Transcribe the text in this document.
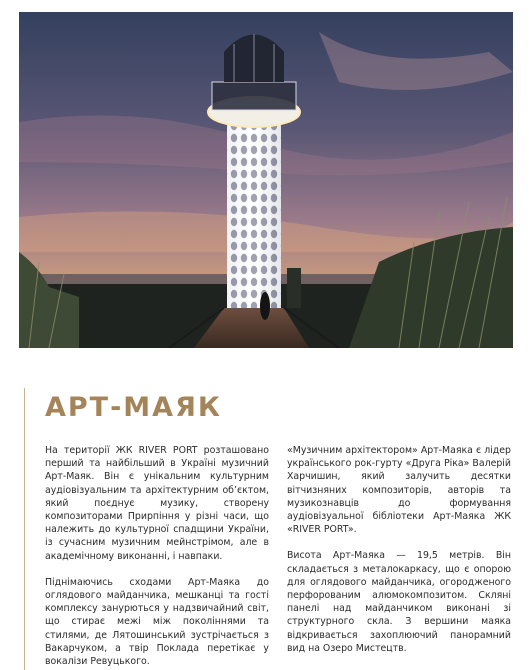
АРТ-МАЯК

На території ЖК RIVER PORT розташовано перший та найбільший в Україні музичний Арт-Маяк. Він є унікальним культурним аудіовізуальним та архітектурним об’єктом, який поєднує музику, створену композиторами Прирпіння у різні часи, що належить до культурної спадщини України, із сучасним музичним мейнстрімом, але в академічному виконанні, і навпаки.

Піднімаючись сходами Арт-Маяка до оглядового майданчика, мешканці та гості комплексу занурються у надзвичайний світ, що стирає межі між поколіннями та стилями, де Лятошинський зустрічається з Вакарчуком, а твір Поклада перетікає у вокалізи Ревуцького.

«Музичним архітектором» Арт-Маяка є лідер українського рок-гурту «Друга Ріка» Валерій Харчишин, який залучить десятки вітчизняних композиторів, авторів та музикознавців до формування аудіовізуальної бібліотеки Арт-Маяка ЖК «RIVER PORT».

Висота Арт-Маяка — 19,5 метрів. Він складається з металокаркасу, що є опорою для оглядового майданчика, огородженого перфорованим алюмокомпозитом. Скляні панелі над майданчиком виконані зі структурного скла. З вершини маяка відкривається захоплюючий панорамний вид на Озеро Мистецтв.
